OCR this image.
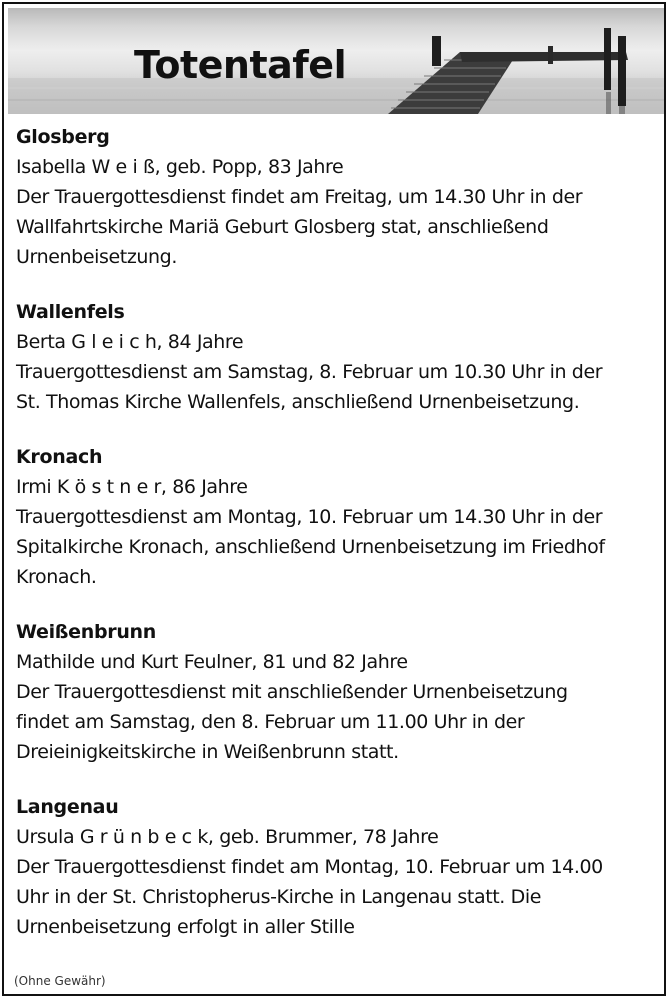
Totentafel
Glosberg
Isabella W e i ß, geb. Popp, 83 Jahre
Der Trauergottesdienst findet am Freitag, um 14.30 Uhr in der
Wallfahrtskirche Mariä Geburt Glosberg stat, anschließend
Urnenbeisetzung.
Wallenfels
Berta G l e i c h, 84 Jahre
Trauergottesdienst am Samstag, 8. Februar um 10.30 Uhr in der
St. Thomas Kirche Wallenfels, anschließend Urnenbeisetzung.
Kronach
Irmi K ö s t n e r, 86 Jahre
Trauergottesdienst am Montag, 10. Februar um 14.30 Uhr in der
Spitalkirche Kronach, anschließend Urnenbeisetzung im Friedhof
Kronach.
Weißenbrunn
Mathilde und Kurt Feulner, 81 und 82 Jahre
Der Trauergottesdienst mit anschließender Urnenbeisetzung
findet am Samstag, den 8. Februar um 11.00 Uhr in der
Dreieinigkeitskirche in Weißenbrunn statt.
Langenau
Ursula G r ü n b e c k, geb. Brummer, 78 Jahre
Der Trauergottesdienst findet am Montag, 10. Februar um 14.00
Uhr in der St. Christopherus-Kirche in Langenau statt. Die
Urnenbeisetzung erfolgt in aller Stille
(Ohne Gewähr)
